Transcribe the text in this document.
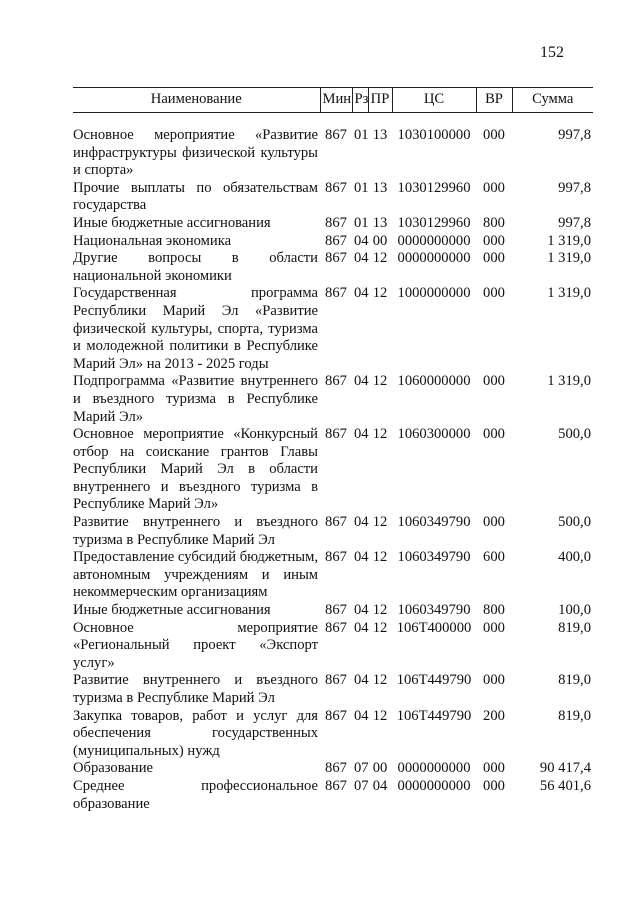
152
Наименование	Мин	Рз	ПР	ЦС	ВР	Сумма

Основное мероприятие «Развитие инфраструктуры физической культуры и спорта»	867	01	13	1030100000	000	997,8
Прочие выплаты по обязательствам государства	867	01	13	1030129960	000	997,8
Иные бюджетные ассигнования	867	01	13	1030129960	800	997,8
Национальная экономика	867	04	00	0000000000	000	1 319,0
Другие вопросы в области национальной экономики	867	04	12	0000000000	000	1 319,0
Государственная программа Республики Марий Эл «Развитие физической культуры, спорта, туризма и молодежной политики в Республике Марий Эл» на 2013 - 2025 годы	867	04	12	1000000000	000	1 319,0
Подпрограмма «Развитие внутреннего и въездного туризма в Республике Марий Эл»	867	04	12	1060000000	000	1 319,0
Основное мероприятие «Конкурсный отбор на соискание грантов Главы Республики Марий Эл в области внутреннего и въездного туризма в Республике Марий Эл»	867	04	12	1060300000	000	500,0
Развитие внутреннего и въездного туризма в Республике Марий Эл	867	04	12	1060349790	000	500,0
Предоставление субсидий бюджетным, автономным учреждениям и иным некоммерческим организациям	867	04	12	1060349790	600	400,0
Иные бюджетные ассигнования	867	04	12	1060349790	800	100,0
Основное мероприятие «Региональный проект «Экспорт услуг»	867	04	12	106Т400000	000	819,0
Развитие внутреннего и въездного туризма в Республике Марий Эл	867	04	12	106Т449790	000	819,0
Закупка товаров, работ и услуг для обеспечения государственных (муниципальных) нужд	867	04	12	106Т449790	200	819,0
Образование	867	07	00	0000000000	000	90 417,4
Среднее профессиональное образование	867	07	04	0000000000	000	56 401,6
